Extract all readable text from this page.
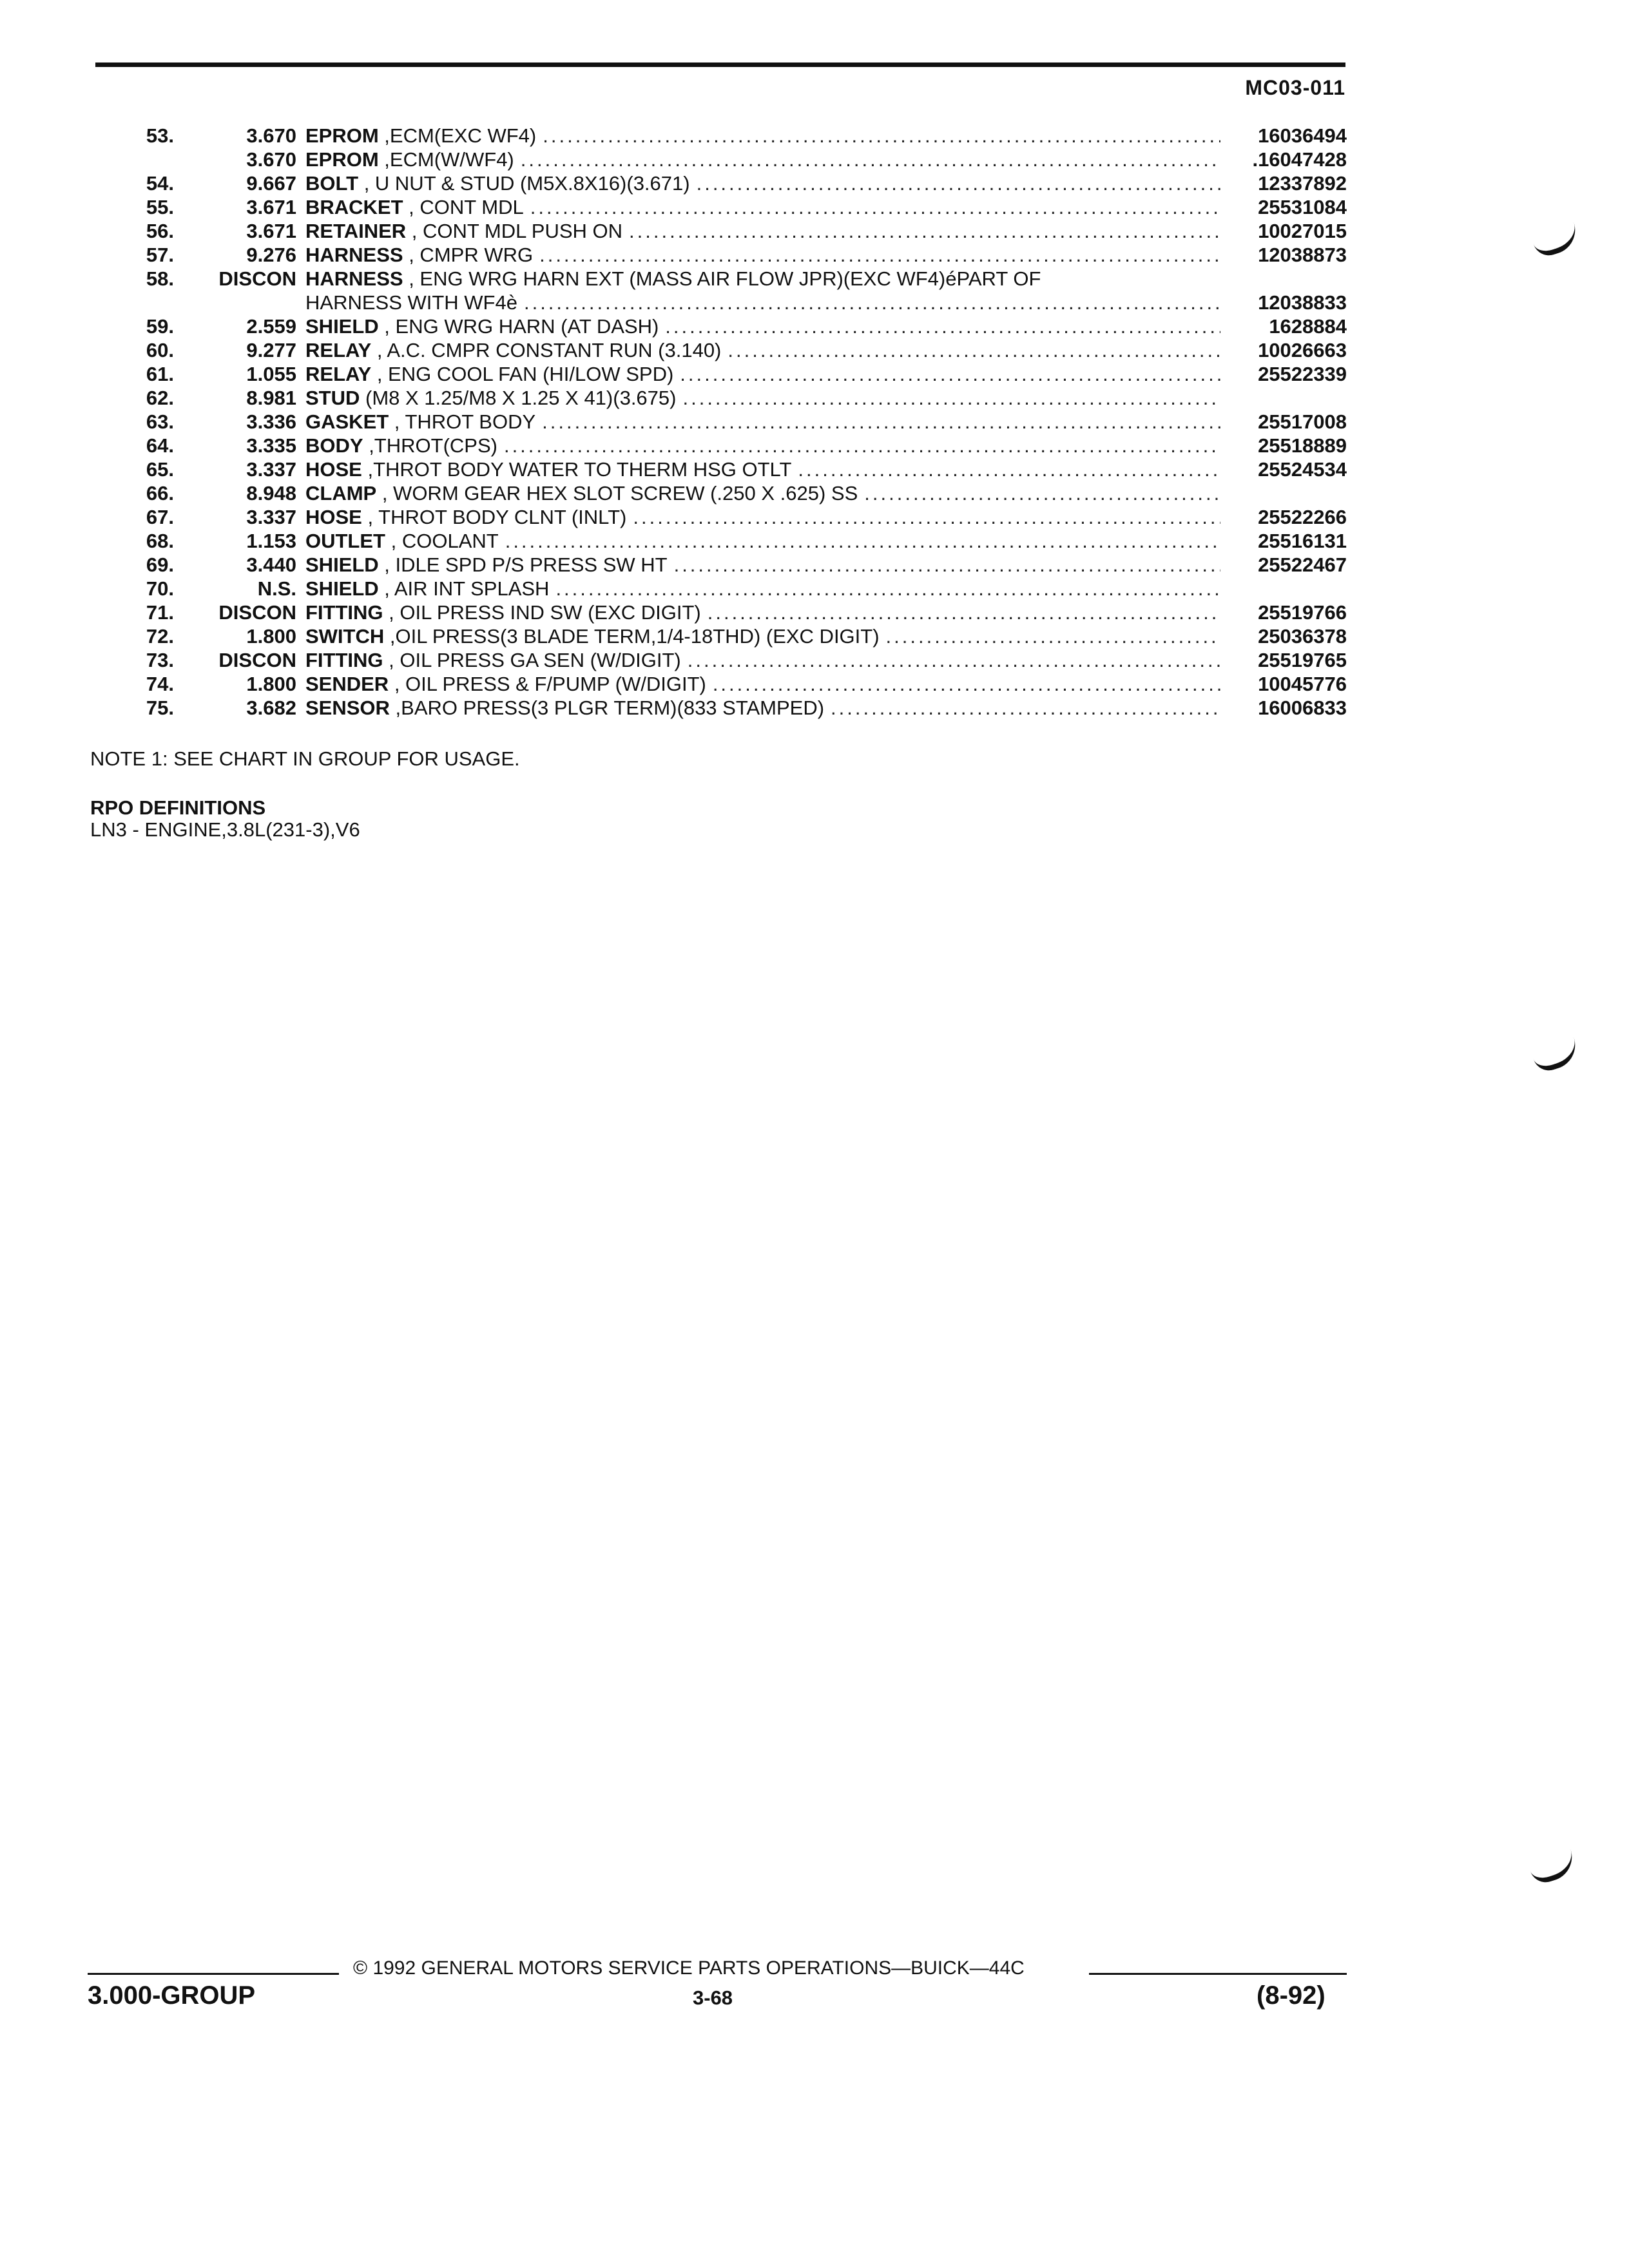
MC03-011
53.	3.670 EPROM ,ECM(EXC WF4) .....	16036494
3.670 EPROM ,ECM(W/WF4) .....	.16047428
54.	9.667 BOLT , U NUT & STUD (M5X.8X16)(3.671) .....	12337892
55.	3.671 BRACKET , CONT MDL .....	25531084
56.	3.671 RETAINER , CONT MDL PUSH ON .....	10027015
57.	9.276 HARNESS , CMPR WRG .....	12038873
58.	DISCON HARNESS , ENG WRG HARN EXT (MASS AIR FLOW JPR)(EXC WF4)éPART OF
HARNESS WITH WF4è .....	12038833
59.	2.559 SHIELD , ENG WRG HARN (AT DASH) .....	1628884
60.	9.277 RELAY , A.C. CMPR CONSTANT RUN (3.140) .....	10026663
61.	1.055 RELAY , ENG COOL FAN (HI/LOW SPD) .....	25522339
62.	8.981 STUD (M8 X 1.25/M8 X 1.25 X 41)(3.675)
.....
63.	3.336 GASKET , THROT BODY .....	25517008
64.	3.335 BODY ,THROT(CPS) .....	25518889
65.	3.337 HOSE ,THROT BODY WATER TO THERM HSG OTLT .....	25524534
66.	8.948 CLAMP , WORM GEAR HEX SLOT SCREW (.250 X .625) SS
.....
67.	3.337 HOSE , THROT BODY CLNT (INLT) .....	25522266
68.	1.153 OUTLET , COOLANT .....	25516131
69.	3.440 SHIELD , IDLE SPD P/S PRESS SW HT .....	25522467
70.	N.S. SHIELD , AIR INT SPLASH
.....
71.	DISCON FITTING , OIL PRESS IND SW (EXC DIGIT) .....	25519766
72.	1.800 SWITCH ,OIL PRESS(3 BLADE TERM,1/4-18THD) (EXC DIGIT) .....	25036378
73.	DISCON FITTING , OIL PRESS GA SEN (W/DIGIT) .....	25519765
74.	1.800 SENDER , OIL PRESS & F/PUMP (W/DIGIT) .....	10045776
75.	3.682 SENSOR ,BARO PRESS(3 PLGR TERM)(833 STAMPED) .....	16006833
NOTE 1: SEE CHART IN GROUP FOR USAGE.
RPO DEFINITIONS
LN3 - ENGINE,3.8L(231-3),V6
© 1992 GENERAL MOTORS SERVICE PARTS OPERATIONS—BUICK—44C
3.000-GROUP	3-68	(8-92)
